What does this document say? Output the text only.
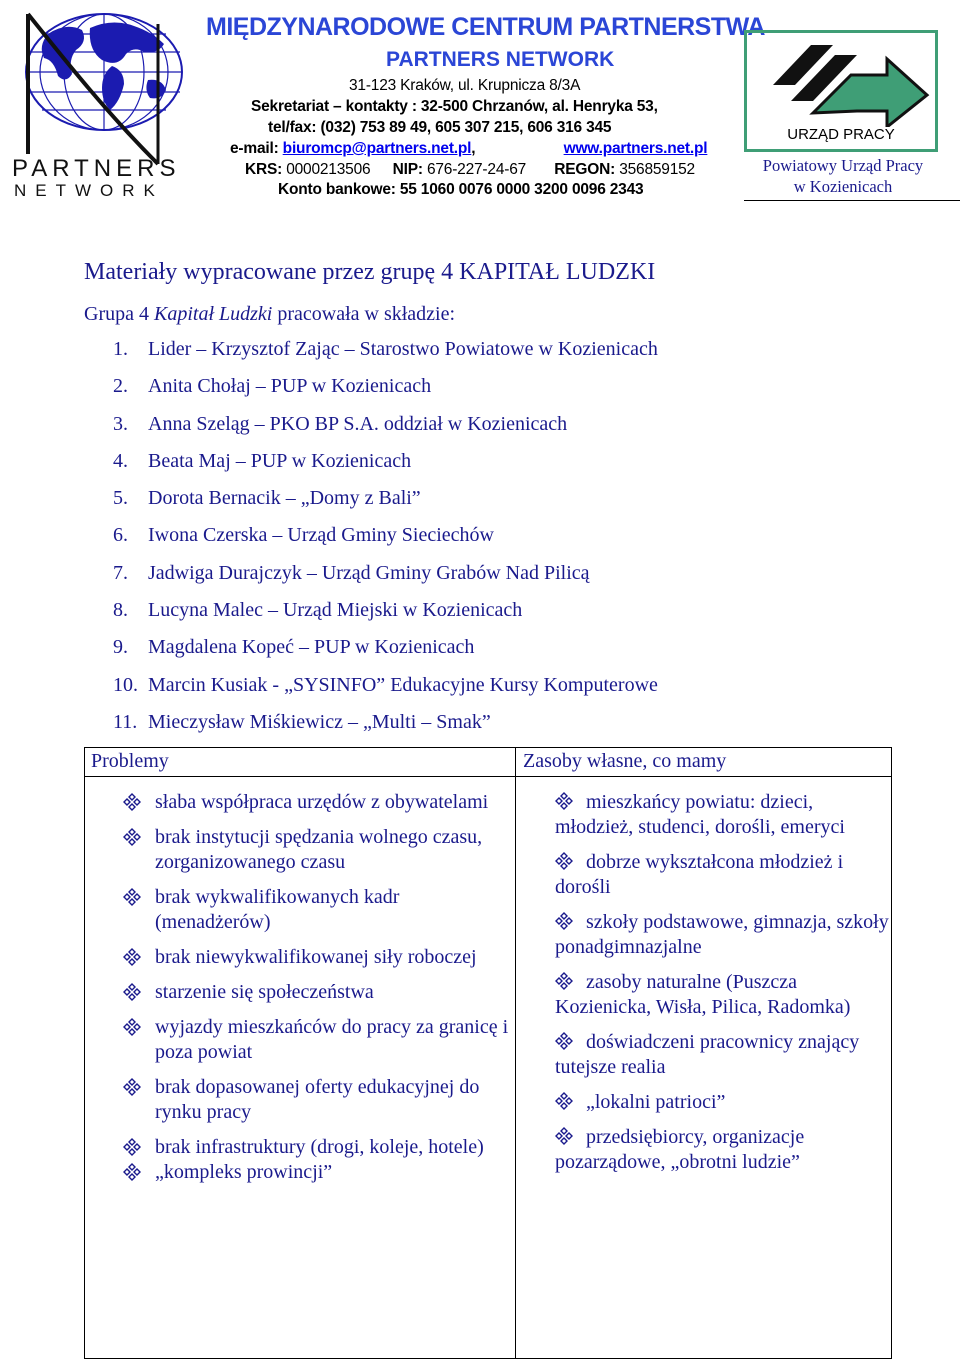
PARTNERS
NETWORK
MIĘDZYNARODOWE CENTRUM PARTNERSTWA
PARTNERS NETWORK
31-123 Kraków, ul. Krupnicza 8/3A
Sekretariat – kontakty : 32-500 Chrzanów, al. Henryka 53,
tel/fax: (032) 753 89 49, 605 307 215, 606 316 345
e-mail: biuromcp@partners.net.pl,	www.partners.net.pl
KRS: 0000213506 NIP: 676-227-24-67 REGON: 356859152
Konto bankowe: 55 1060 0076 0000 3200 0096 2343
URZĄD PRACY
Powiatowy Urząd Pracy
w Kozienicach
Materiały wypracowane przez grupę 4 KAPITAŁ LUDZKI
Grupa 4 Kapitał Ludzki pracowała w składzie:
1. Lider – Krzysztof Zając – Starostwo Powiatowe w Kozienicach
2. Anita Chołaj – PUP w Kozienicach
3. Anna Szeląg – PKO BP S.A. oddział w Kozienicach
4. Beata Maj – PUP w Kozienicach
5. Dorota Bernacik – „Domy z Bali”
6. Iwona Czerska – Urząd Gminy Sieciechów
7. Jadwiga Durajczyk – Urząd Gminy Grabów Nad Pilicą
8. Lucyna Malec – Urząd Miejski w Kozienicach
9. Magdalena Kopeć – PUP w Kozienicach
10. Marcin Kusiak - „SYSINFO” Edukacyjne Kursy Komputerowe
11. Mieczysław Miśkiewicz – „Multi – Smak”
Problemy	Zasoby własne, co mamy
słaba współpraca urzędów z obywatelami
brak instytucji spędzania wolnego czasu, zorganizowanego czasu
brak wykwalifikowanych kadr (menadżerów)
brak niewykwalifikowanej siły roboczej
starzenie się społeczeństwa
wyjazdy mieszkańców do pracy za granicę i poza powiat
brak dopasowanej oferty edukacyjnej do rynku pracy
brak infrastruktury (drogi, koleje, hotele)
„kompleks prowincji”
mieszkańcy powiatu: dzieci, młodzież, studenci, dorośli, emeryci
dobrze wykształcona młodzież i dorośli
szkoły podstawowe, gimnazja, szkoły ponadgimnazjalne
zasoby naturalne (Puszcza Kozienicka, Wisła, Pilica, Radomka)
doświadczeni pracownicy znający tutejsze realia
„lokalni patrioci”
przedsiębiorcy, organizacje pozarządowe, „obrotni ludzie”
